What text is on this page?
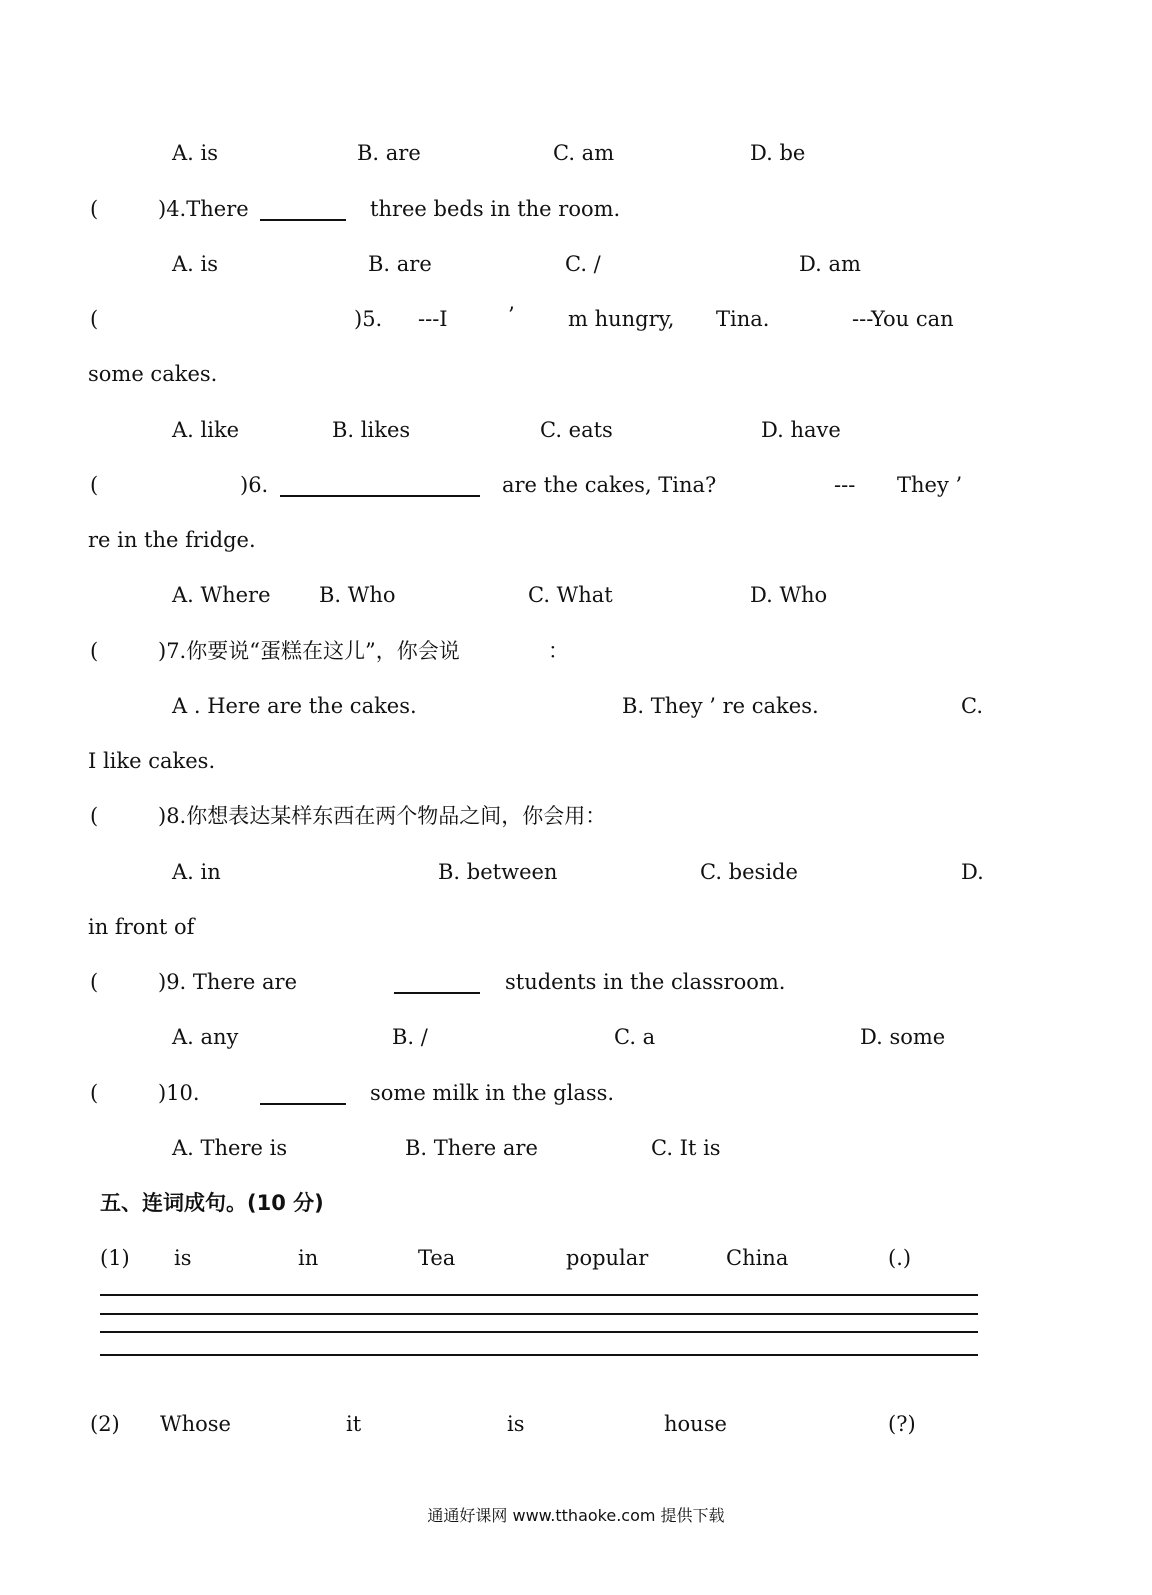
A. is	B. are	C. am	D. be
(	)4.There	three beds in the room.
A. is	B. are	C. /	D. am
(	)5. ---I	’	m hungry, Tina.	---You can
some cakes.
A. like	B. likes	C. eats	D. have
(	)6.	are the cakes, Tina?	--- They ’
re in the fridge.
A. Where B. Who	C. What	D. Who
(	)7.你要说“蛋糕在这儿”，你会说	：
A . Here are the cakes.	B. They ’ re cakes.	C.
I like cakes.
(	)8.你想表达某样东西在两个物品之间，你会用：
A. in	B. between	C. beside	D.
in front of
(	)9. There are	students in the classroom.
A. any	B. /	C. a	D. some
(	)10.	some milk in the glass.
A. There is	B. There are	C. It is
五、连词成句。(10 分)
(1) is	in	Tea	popular	China	(.)
(2) Whose	it	is	house	(?)
通通好课网 www.tthaoke.com 提供下载
